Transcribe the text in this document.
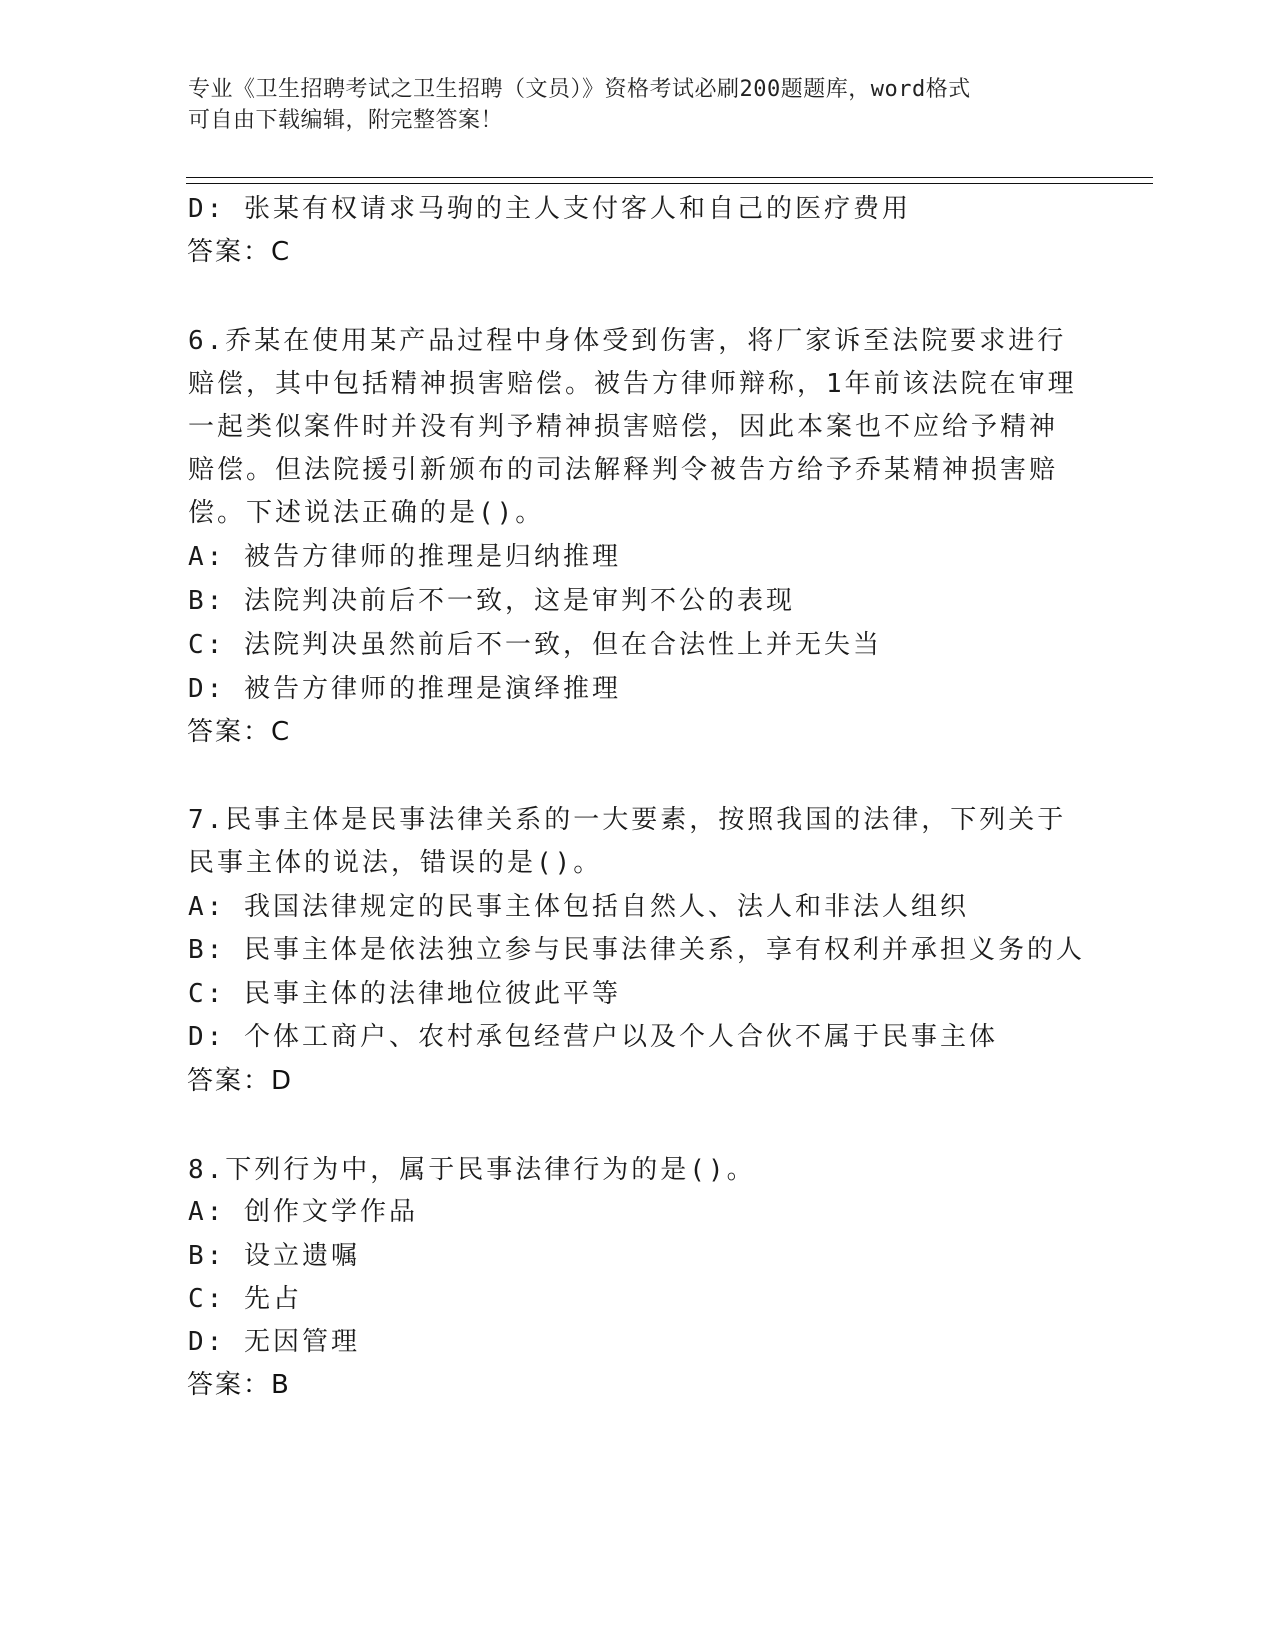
专业《卫生招聘考试之卫生招聘（文员）》资格考试必刷200题题库，word格式
可自由下载编辑，附完整答案！
D: 张某有权请求马驹的主人支付客人和自己的医疗费用
答案：C
6.乔某在使用某产品过程中身体受到伤害，将厂家诉至法院要求进行
赔偿，其中包括精神损害赔偿。被告方律师辩称，1年前该法院在审理
一起类似案件时并没有判予精神损害赔偿，因此本案也不应给予精神
赔偿。但法院援引新颁布的司法解释判令被告方给予乔某精神损害赔
偿。下述说法正确的是()。
A: 被告方律师的推理是归纳推理
B: 法院判决前后不一致，这是审判不公的表现
C: 法院判决虽然前后不一致，但在合法性上并无失当
D: 被告方律师的推理是演绎推理
答案：C
7.民事主体是民事法律关系的一大要素，按照我国的法律，下列关于
民事主体的说法，错误的是()。
A: 我国法律规定的民事主体包括自然人、法人和非法人组织
B: 民事主体是依法独立参与民事法律关系，享有权利并承担义务的人
C: 民事主体的法律地位彼此平等
D: 个体工商户、农村承包经营户以及个人合伙不属于民事主体
答案：D
8.下列行为中，属于民事法律行为的是()。
A: 创作文学作品
B: 设立遗嘱
C: 先占
D: 无因管理
答案：B
